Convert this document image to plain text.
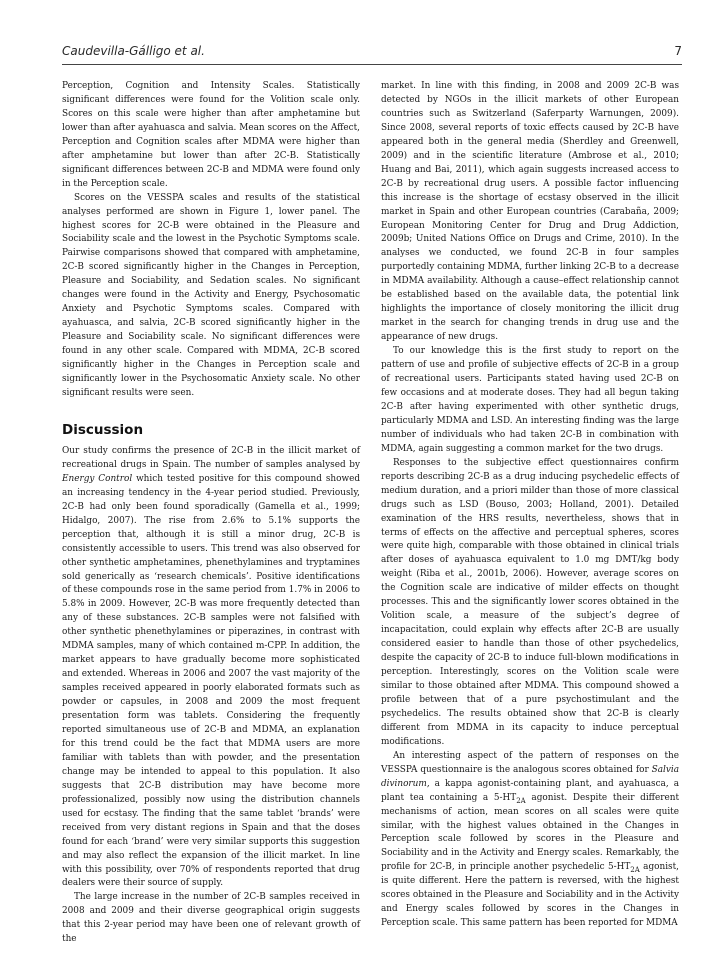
Caudevilla-Gálligo et al.	7

Perception, Cognition and Intensity Scales. Statistically significant differences were found for the Volition scale only. Scores on this scale were higher than after amphetamine but lower than after ayahuasca and salvia. Mean scores on the Affect, Perception and Cognition scales after MDMA were higher than after amphetamine but lower than after 2C-B. Statistically significant differences between 2C-B and MDMA were found only in the Perception scale.

Scores on the VESSPA scales and results of the statistical analyses performed are shown in Figure 1, lower panel. The highest scores for 2C-B were obtained in the Pleasure and Sociability scale and the lowest in the Psychotic Symptoms scale. Pairwise comparisons showed that compared with amphetamine, 2C-B scored significantly higher in the Changes in Perception, Pleasure and Sociability, and Sedation scales. No significant changes were found in the Activity and Energy, Psychosomatic Anxiety and Psychotic Symptoms scales. Compared with ayahuasca, and salvia, 2C-B scored significantly higher in the Pleasure and Sociability scale. No significant differences were found in any other scale. Compared with MDMA, 2C-B scored significantly higher in the Changes in Perception scale and significantly lower in the Psychosomatic Anxiety scale. No other significant results were seen.

Discussion

Our study confirms the presence of 2C-B in the illicit market of recreational drugs in Spain. The number of samples analysed by Energy Control which tested positive for this compound showed an increasing tendency in the 4-year period studied. Previously, 2C-B had only been found sporadically (Gamella et al., 1999; Hidalgo, 2007). The rise from 2.6% to 5.1% supports the perception that, although it is still a minor drug, 2C-B is consistently accessible to users. This trend was also observed for other synthetic amphetamines, phenethylamines and tryptamines sold generically as ‘research chemicals’. Positive identifications of these compounds rose in the same period from 1.7% in 2006 to 5.8% in 2009. However, 2C-B was more frequently detected than any of these substances. 2C-B samples were not falsified with other synthetic phenethylamines or piperazines, in contrast with MDMA samples, many of which contained m-CPP. In addition, the market appears to have gradually become more sophisticated and extended. Whereas in 2006 and 2007 the vast majority of the samples received appeared in poorly elaborated formats such as powder or capsules, in 2008 and 2009 the most frequent presentation form was tablets. Considering the frequently reported simultaneous use of 2C-B and MDMA, an explanation for this trend could be the fact that MDMA users are more familiar with tablets than with powder, and the presentation change may be intended to appeal to this population. It also suggests that 2C-B distribution may have become more professionalized, possibly now using the distribution channels used for ecstasy. The finding that the same tablet ‘brands’ were received from very distant regions in Spain and that the doses found for each ‘brand’ were very similar supports this suggestion and may also reflect the expansion of the illicit market. In line with this possibility, over 70% of respondents reported that drug dealers were their source of supply.

The large increase in the number of 2C-B samples received in 2008 and 2009 and their diverse geographical origin suggests that this 2-year period may have been one of relevant growth of the

market. In line with this finding, in 2008 and 2009 2C-B was detected by NGOs in the illicit markets of other European countries such as Switzerland (Saferparty Warnungen, 2009). Since 2008, several reports of toxic effects caused by 2C-B have appeared both in the general media (Sherdley and Greenwell, 2009) and in the scientific literature (Ambrose et al., 2010; Huang and Bai, 2011), which again suggests increased access to 2C-B by recreational drug users. A possible factor influencing this increase is the shortage of ecstasy observed in the illicit market in Spain and other European countries (Carabaña, 2009; European Monitoring Center for Drug and Drug Addiction, 2009b; United Nations Office on Drugs and Crime, 2010). In the analyses we conducted, we found 2C-B in four samples purportedly containing MDMA, further linking 2C-B to a decrease in MDMA availability. Although a cause–effect relationship cannot be established based on the available data, the potential link highlights the importance of closely monitoring the illicit drug market in the search for changing trends in drug use and the appearance of new drugs.

To our knowledge this is the first study to report on the pattern of use and profile of subjective effects of 2C-B in a group of recreational users. Participants stated having used 2C-B on few occasions and at moderate doses. They had all begun taking 2C-B after having experimented with other synthetic drugs, particularly MDMA and LSD. An interesting finding was the large number of individuals who had taken 2C-B in combination with MDMA, again suggesting a common market for the two drugs.

Responses to the subjective effect questionnaires confirm reports describing 2C-B as a drug inducing psychedelic effects of medium duration, and a priori milder than those of more classical drugs such as LSD (Bouso, 2003; Holland, 2001). Detailed examination of the HRS results, nevertheless, shows that in terms of effects on the affective and perceptual spheres, scores were quite high, comparable with those obtained in clinical trials after doses of ayahuasca equivalent to 1.0 mg DMT/kg body weight (Riba et al., 2001b, 2006). However, average scores on the Cognition scale are indicative of milder effects on thought processes. This and the significantly lower scores obtained in the Volition scale, a measure of the subject’s degree of incapacitation, could explain why effects after 2C-B are usually considered easier to handle than those of other psychedelics, despite the capacity of 2C-B to induce full-blown modifications in perception. Interestingly, scores on the Volition scale were similar to those obtained after MDMA. This compound showed a profile between that of a pure psychostimulant and the psychedelics. The results obtained show that 2C-B is clearly different from MDMA in its capacity to induce perceptual modifications.

An interesting aspect of the pattern of responses on the VESSPA questionnaire is the analogous scores obtained for Salvia divinorum, a kappa agonist-containing plant, and ayahuasca, a plant tea containing a $5-HT_{2A}$ agonist. Despite their different mechanisms of action, mean scores on all scales were quite similar, with the highest values obtained in the Changes in Perception scale followed by scores in the Pleasure and Sociability and in the Activity and Energy scales. Remarkably, the profile for 2C-B, in principle another psychedelic $5-HT_{2A}$ agonist, is quite different. Here the pattern is reversed, with the highest scores obtained in the Pleasure and Sociability and in the Activity and Energy scales followed by scores in the Changes in Perception scale. This same pattern has been reported for MDMA
